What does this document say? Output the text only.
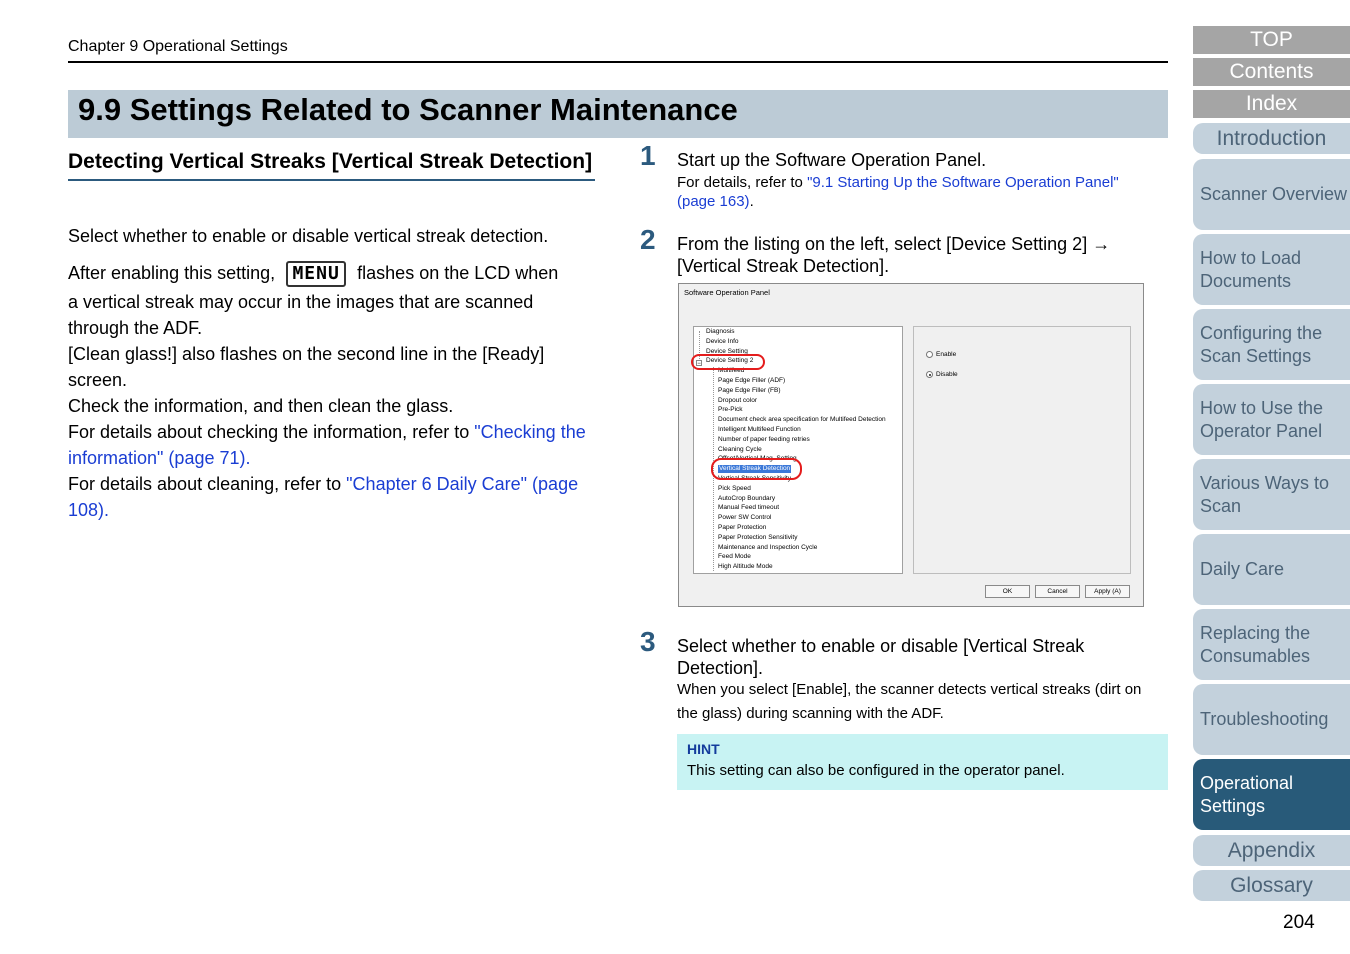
Chapter 9 Operational Settings
9.9 Settings Related to Scanner Maintenance
Detecting Vertical Streaks [Vertical Streak Detection]
Select whether to enable or disable vertical streak detection.
After enabling this setting, MENU flashes on the LCD when
a vertical streak may occur in the images that are scanned
through the ADF.
[Clean glass!] also flashes on the second line in the [Ready]
screen.
Check the information, and then clean the glass.
For details about checking the information, refer to "Checking the information" (page 71).
For details about cleaning, refer to "Chapter 6 Daily Care" (page 108).
1 Start up the Software Operation Panel.
For details, refer to "9.1 Starting Up the Software Operation Panel" (page 163).
2 From the listing on the left, select [Device Setting 2] →
[Vertical Streak Detection].
Software Operation Panel
−
Diagnosis
Device Info
Device Setting
Device Setting 2
Multifeed
Page Edge Filler (ADF)
Page Edge Filler (FB)
Dropout color
Pre-Pick
Document check area specification for Multifeed Detection
Intelligent Multifeed Function
Number of paper feeding retries
Cleaning Cycle
Offset/Vertical Mag. Setting
Vertical Streak Detection
Vertical Streak Sensitivity
Pick Speed
AutoCrop Boundary
Manual Feed timeout
Power SW Control
Paper Protection
Paper Protection Sensitivity
Maintenance and Inspection Cycle
Feed Mode
High Altitude Mode
Enable
Disable
OK	Cancel	Apply (A)
3 Select whether to enable or disable [Vertical Streak Detection].
When you select [Enable], the scanner detects vertical streaks (dirt on the glass) during scanning with the ADF.
HINT
This setting can also be configured in the operator panel.
TOP
Contents
Index
Introduction
Scanner Overview
How to Load Documents
Configuring the Scan Settings
How to Use the Operator Panel
Various Ways to Scan
Daily Care
Replacing the Consumables
Troubleshooting
Operational Settings
Appendix
Glossary
204
